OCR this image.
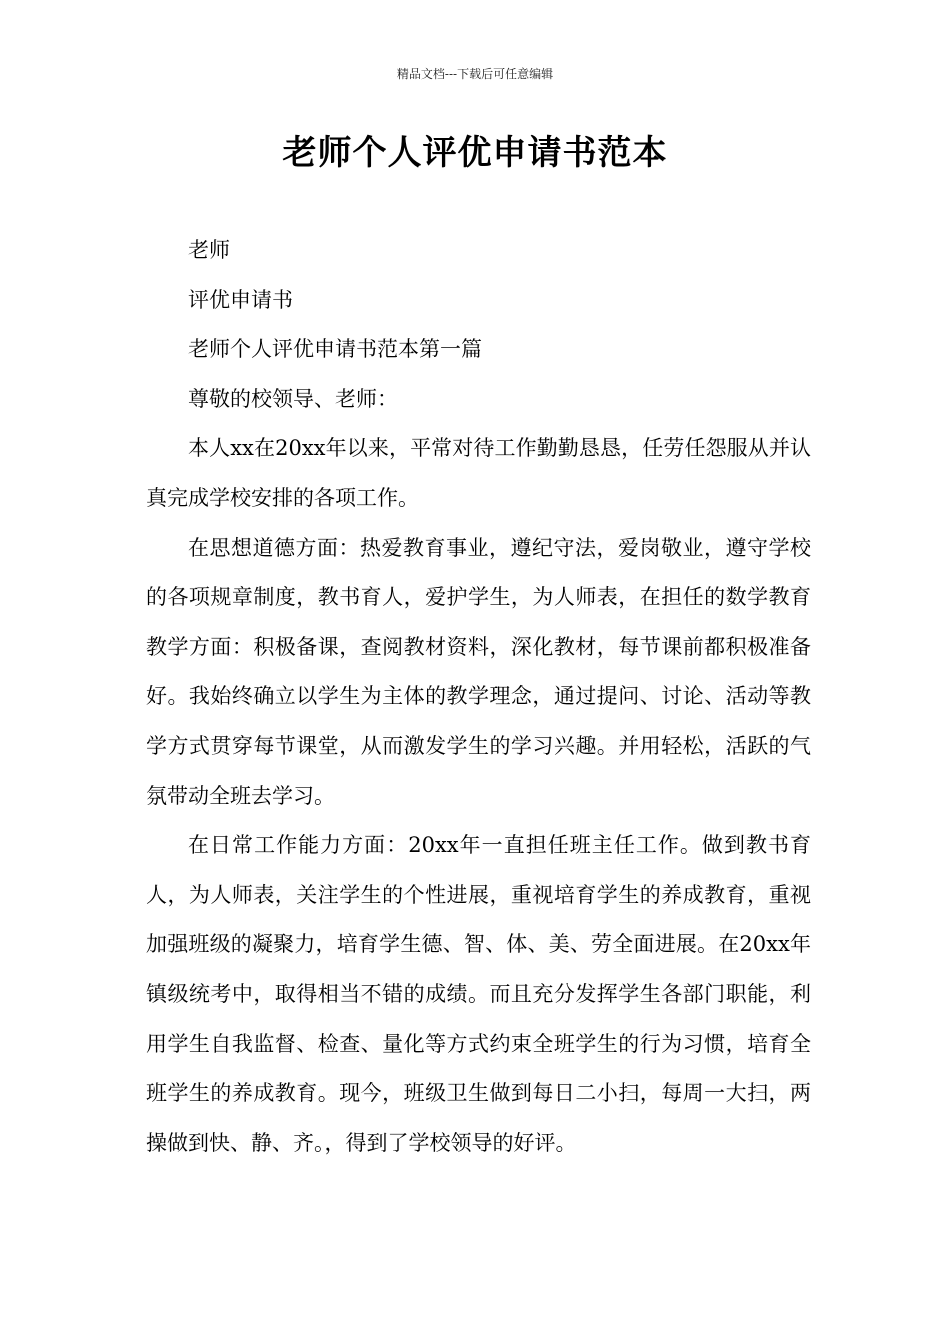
精品文档---下载后可任意编辑
老师个人评优申请书范本

老师

评优申请书

老师个人评优申请书范本第一篇

尊敬的校领导、老师：

本人xx在20xx年以来，平常对待工作勤勤恳恳，任劳任怨服从并认真完成学校安排的各项工作。

在思想道德方面：热爱教育事业，遵纪守法，爱岗敬业，遵守学校的各项规章制度，教书育人，爱护学生，为人师表，在担任的数学教育教学方面：积极备课，查阅教材资料，深化教材，每节课前都积极准备好。我始终确立以学生为主体的教学理念，通过提问、讨论、活动等教学方式贯穿每节课堂，从而激发学生的学习兴趣。并用轻松，活跃的气氛带动全班去学习。

在日常工作能力方面：20xx年一直担任班主任工作。做到教书育人，为人师表，关注学生的个性进展，重视培育学生的养成教育，重视加强班级的凝聚力，培育学生德、智、体、美、劳全面进展。在20xx年镇级统考中，取得相当不错的成绩。而且充分发挥学生各部门职能，利用学生自我监督、检查、量化等方式约束全班学生的行为习惯，培育全班学生的养成教育。现今，班级卫生做到每日二小扫，每周一大扫，两操做到快、静、齐。，得到了学校领导的好评。
